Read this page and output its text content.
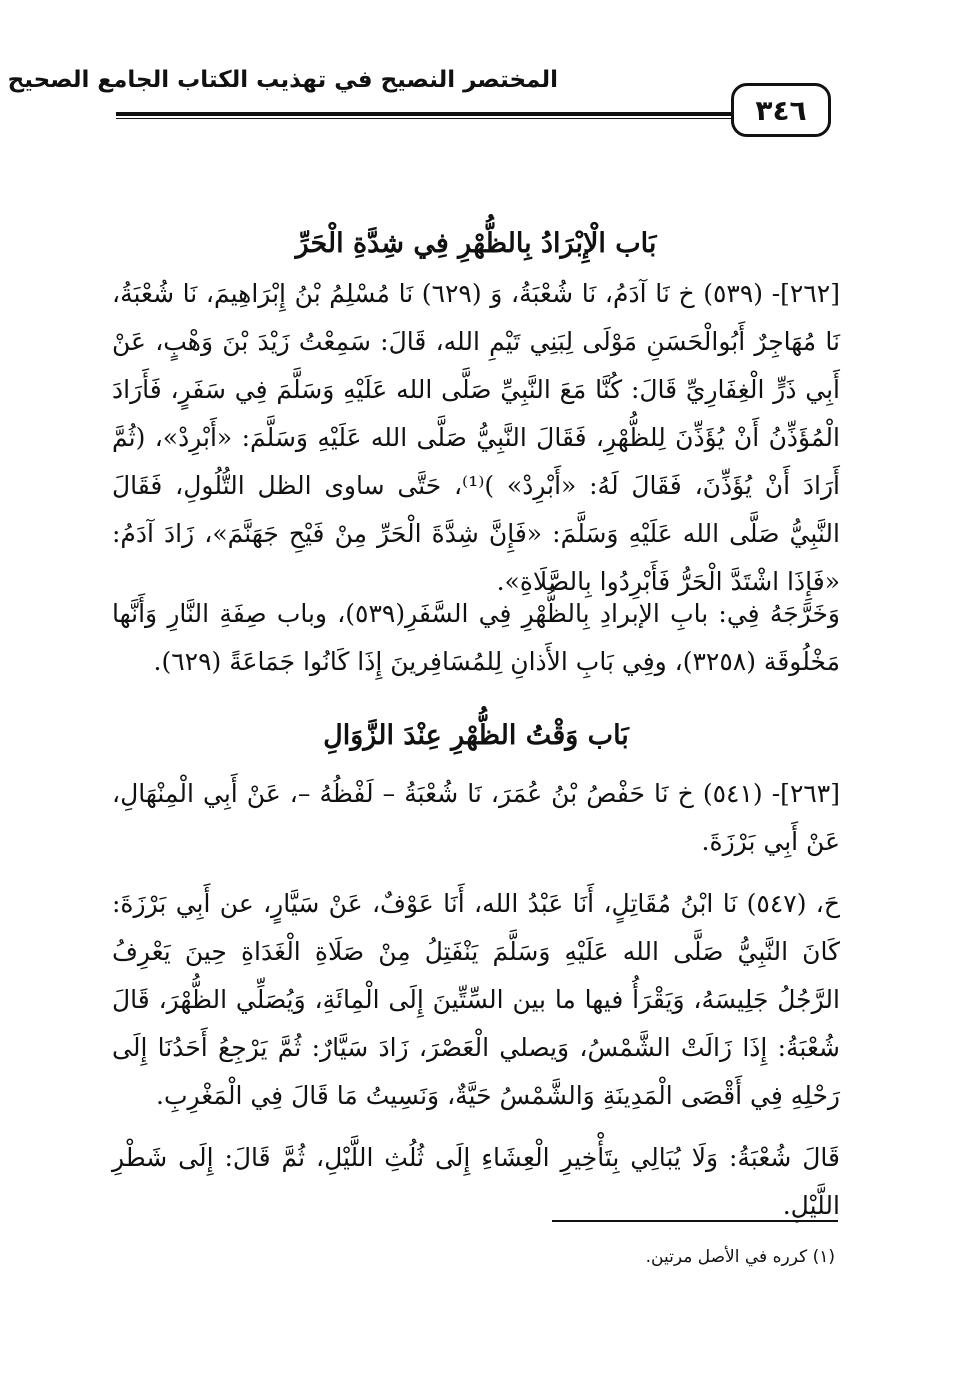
المختصر النصيح في تهذيب الكتاب الجامع الصحيح
٣٤٦
بَاب الْإِبْرَادُ بِالظُّهْرِ فِي شِدَّةِ الْحَرِّ
[٢٦٢]- (٥٣٩) خ نَا آدَمُ، نَا شُعْبَةُ، وَ (٦٢٩) نَا مُسْلِمُ بْنُ إِبْرَاهِيمَ، نَا شُعْبَةُ، نَا مُهَاجِرٌ أَبُوالْحَسَنِ مَوْلَى لِبَنِي تَيْمِ الله، قَالَ: سَمِعْتُ زَيْدَ بْنَ وَهْبٍ، عَنْ أَبِي ذَرٍّ الْغِفَارِيِّ قَالَ: كُنَّا مَعَ النَّبِيِّ صَلَّى الله عَلَيْهِ وَسَلَّمَ فِي سَفَرٍ، فَأَرَادَ الْمُؤَذِّنُ أَنْ يُؤَذِّنَ لِلظُّهْرِ، فَقَالَ النَّبِيُّ صَلَّى الله عَلَيْهِ وَسَلَّمَ: «أَبْرِدْ»، (ثُمَّ أَرَادَ أَنْ يُؤَذِّنَ، فَقَالَ لَهُ: «أَبْرِدْ» )⁽¹⁾، حَتَّى ساوى الظل التُّلُولِ، فَقَالَ النَّبِيُّ صَلَّى الله عَلَيْهِ وَسَلَّمَ: «فَإِنَّ شِدَّةَ الْحَرِّ مِنْ فَيْحِ جَهَنَّمَ»، زَادَ آدَمُ: «فَإِذَا اشْتَدَّ الْحَرُّ فَأَبْرِدُوا بِالصَّلَاةِ».
وَخَرَّجَهُ فِي: بابِ الإبرادِ بِالظُّهْرِ فِي السَّفَرِ(٥٣٩)، وباب صِفَةِ النَّارِ وَأَنَّها مَخْلُوقَة (٣٢٥٨)، وفِي بَابِ الأَذانِ لِلمُسَافِرينَ إِذَا كَانُوا جَمَاعَةً (٦٢٩).
بَاب وَقْتُ الظُّهْرِ عِنْدَ الزَّوَالِ
[٢٦٣]- (٥٤١) خ نَا حَفْصُ بْنُ عُمَرَ، نَا شُعْبَةُ – لَفْظُهُ –، عَنْ أَبِي الْمِنْهَالِ، عَنْ أَبِي بَرْزَةَ.
حَ، (٥٤٧) نَا ابْنُ مُقَاتِلٍ، أَنَا عَبْدُ الله، أَنَا عَوْفٌ، عَنْ سَيَّارٍ، عن أَبِي بَرْزَةَ: كَانَ النَّبِيُّ صَلَّى الله عَلَيْهِ وَسَلَّمَ يَنْفَتِلُ مِنْ صَلَاةِ الْغَدَاةِ حِينَ يَعْرِفُ الرَّجُلُ جَلِيسَهُ، وَيَقْرَأُ فيها ما بين السِّتِّينَ إِلَى الْمِائَةِ، وَيُصَلِّي الظُّهْرَ، قَالَ شُعْبَةُ: إِذَا زَالَتْ الشَّمْسُ، وَيصلي الْعَصْرَ، زَادَ سَيَّارٌ: ثُمَّ يَرْجِعُ أَحَدُنَا إِلَى رَحْلِهِ فِي أَقْصَى الْمَدِينَةِ وَالشَّمْسُ حَيَّةٌ، وَنَسِيتُ مَا قَالَ فِي الْمَغْرِبِ.
قَالَ شُعْبَةُ: وَلَا يُبَالِي بِتَأْخِيرِ الْعِشَاءِ إِلَى ثُلُثِ اللَّيْلِ، ثُمَّ قَالَ: إِلَى شَطْرِ اللَّيْلِ.
(١) كرره في الأصل مرتين.
